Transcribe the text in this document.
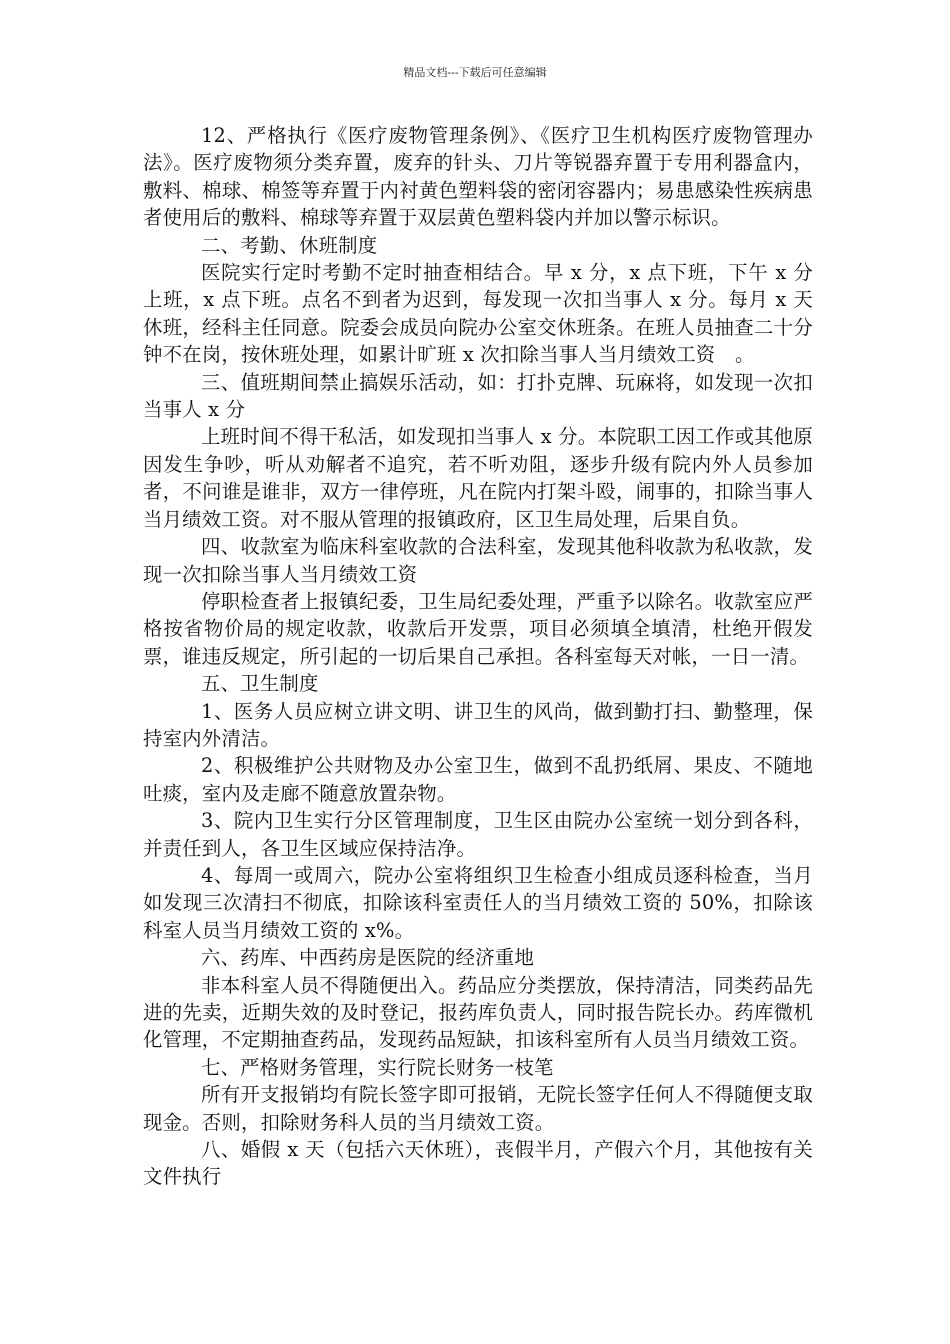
精品文档---下载后可任意编辑

12、严格执行《医疗废物管理条例》、《医疗卫生机构医疗废物管理办法》。医疗废物须分类弃置，废弃的针头、刀片等锐器弃置于专用利器盒内，敷料、棉球、棉签等弃置于内衬黄色塑料袋的密闭容器内；易患感染性疾病患者使用后的敷料、棉球等弃置于双层黄色塑料袋内并加以警示标识。

二、考勤、休班制度

医院实行定时考勤不定时抽查相结合。早 x 分，x 点下班，下午 x 分上班，x 点下班。点名不到者为迟到，每发现一次扣当事人 x 分。每月 x 天休班，经科主任同意。院委会成员向院办公室交休班条。在班人员抽查二十分钟不在岗，按休班处理，如累计旷班 x 次扣除当事人当月绩效工资　。

三、值班期间禁止搞娱乐活动，如：打扑克牌、玩麻将，如发现一次扣当事人 x 分

上班时间不得干私活，如发现扣当事人 x 分。本院职工因工作或其他原因发生争吵，听从劝解者不追究，若不听劝阻，逐步升级有院内外人员参加者，不问谁是谁非，双方一律停班，凡在院内打架斗殴，闹事的，扣除当事人当月绩效工资。对不服从管理的报镇政府，区卫生局处理，后果自负。

四、收款室为临床科室收款的合法科室，发现其他科收款为私收款，发现一次扣除当事人当月绩效工资

停职检查者上报镇纪委，卫生局纪委处理，严重予以除名。收款室应严格按省物价局的规定收款，收款后开发票，项目必须填全填清，杜绝开假发票，谁违反规定，所引起的一切后果自己承担。各科室每天对帐，一日一清。

五、卫生制度

1、医务人员应树立讲文明、讲卫生的风尚，做到勤打扫、勤整理，保持室内外清洁。

2、积极维护公共财物及办公室卫生，做到不乱扔纸屑、果皮、不随地吐痰，室内及走廊不随意放置杂物。

3、院内卫生实行分区管理制度，卫生区由院办公室统一划分到各科，并责任到人，各卫生区域应保持洁净。

4、每周一或周六，院办公室将组织卫生检查小组成员逐科检查，当月如发现三次清扫不彻底，扣除该科室责任人的当月绩效工资的 50%，扣除该科室人员当月绩效工资的 x%。

六、药库、中西药房是医院的经济重地

非本科室人员不得随便出入。药品应分类摆放，保持清洁，同类药品先进的先卖，近期失效的及时登记，报药库负责人，同时报告院长办。药库微机化管理，不定期抽查药品，发现药品短缺，扣该科室所有人员当月绩效工资。

七、严格财务管理，实行院长财务一枝笔

所有开支报销均有院长签字即可报销，无院长签字任何人不得随便支取现金。否则，扣除财务科人员的当月绩效工资。

八、婚假 x 天（包括六天休班），丧假半月，产假六个月，其他按有关文件执行
